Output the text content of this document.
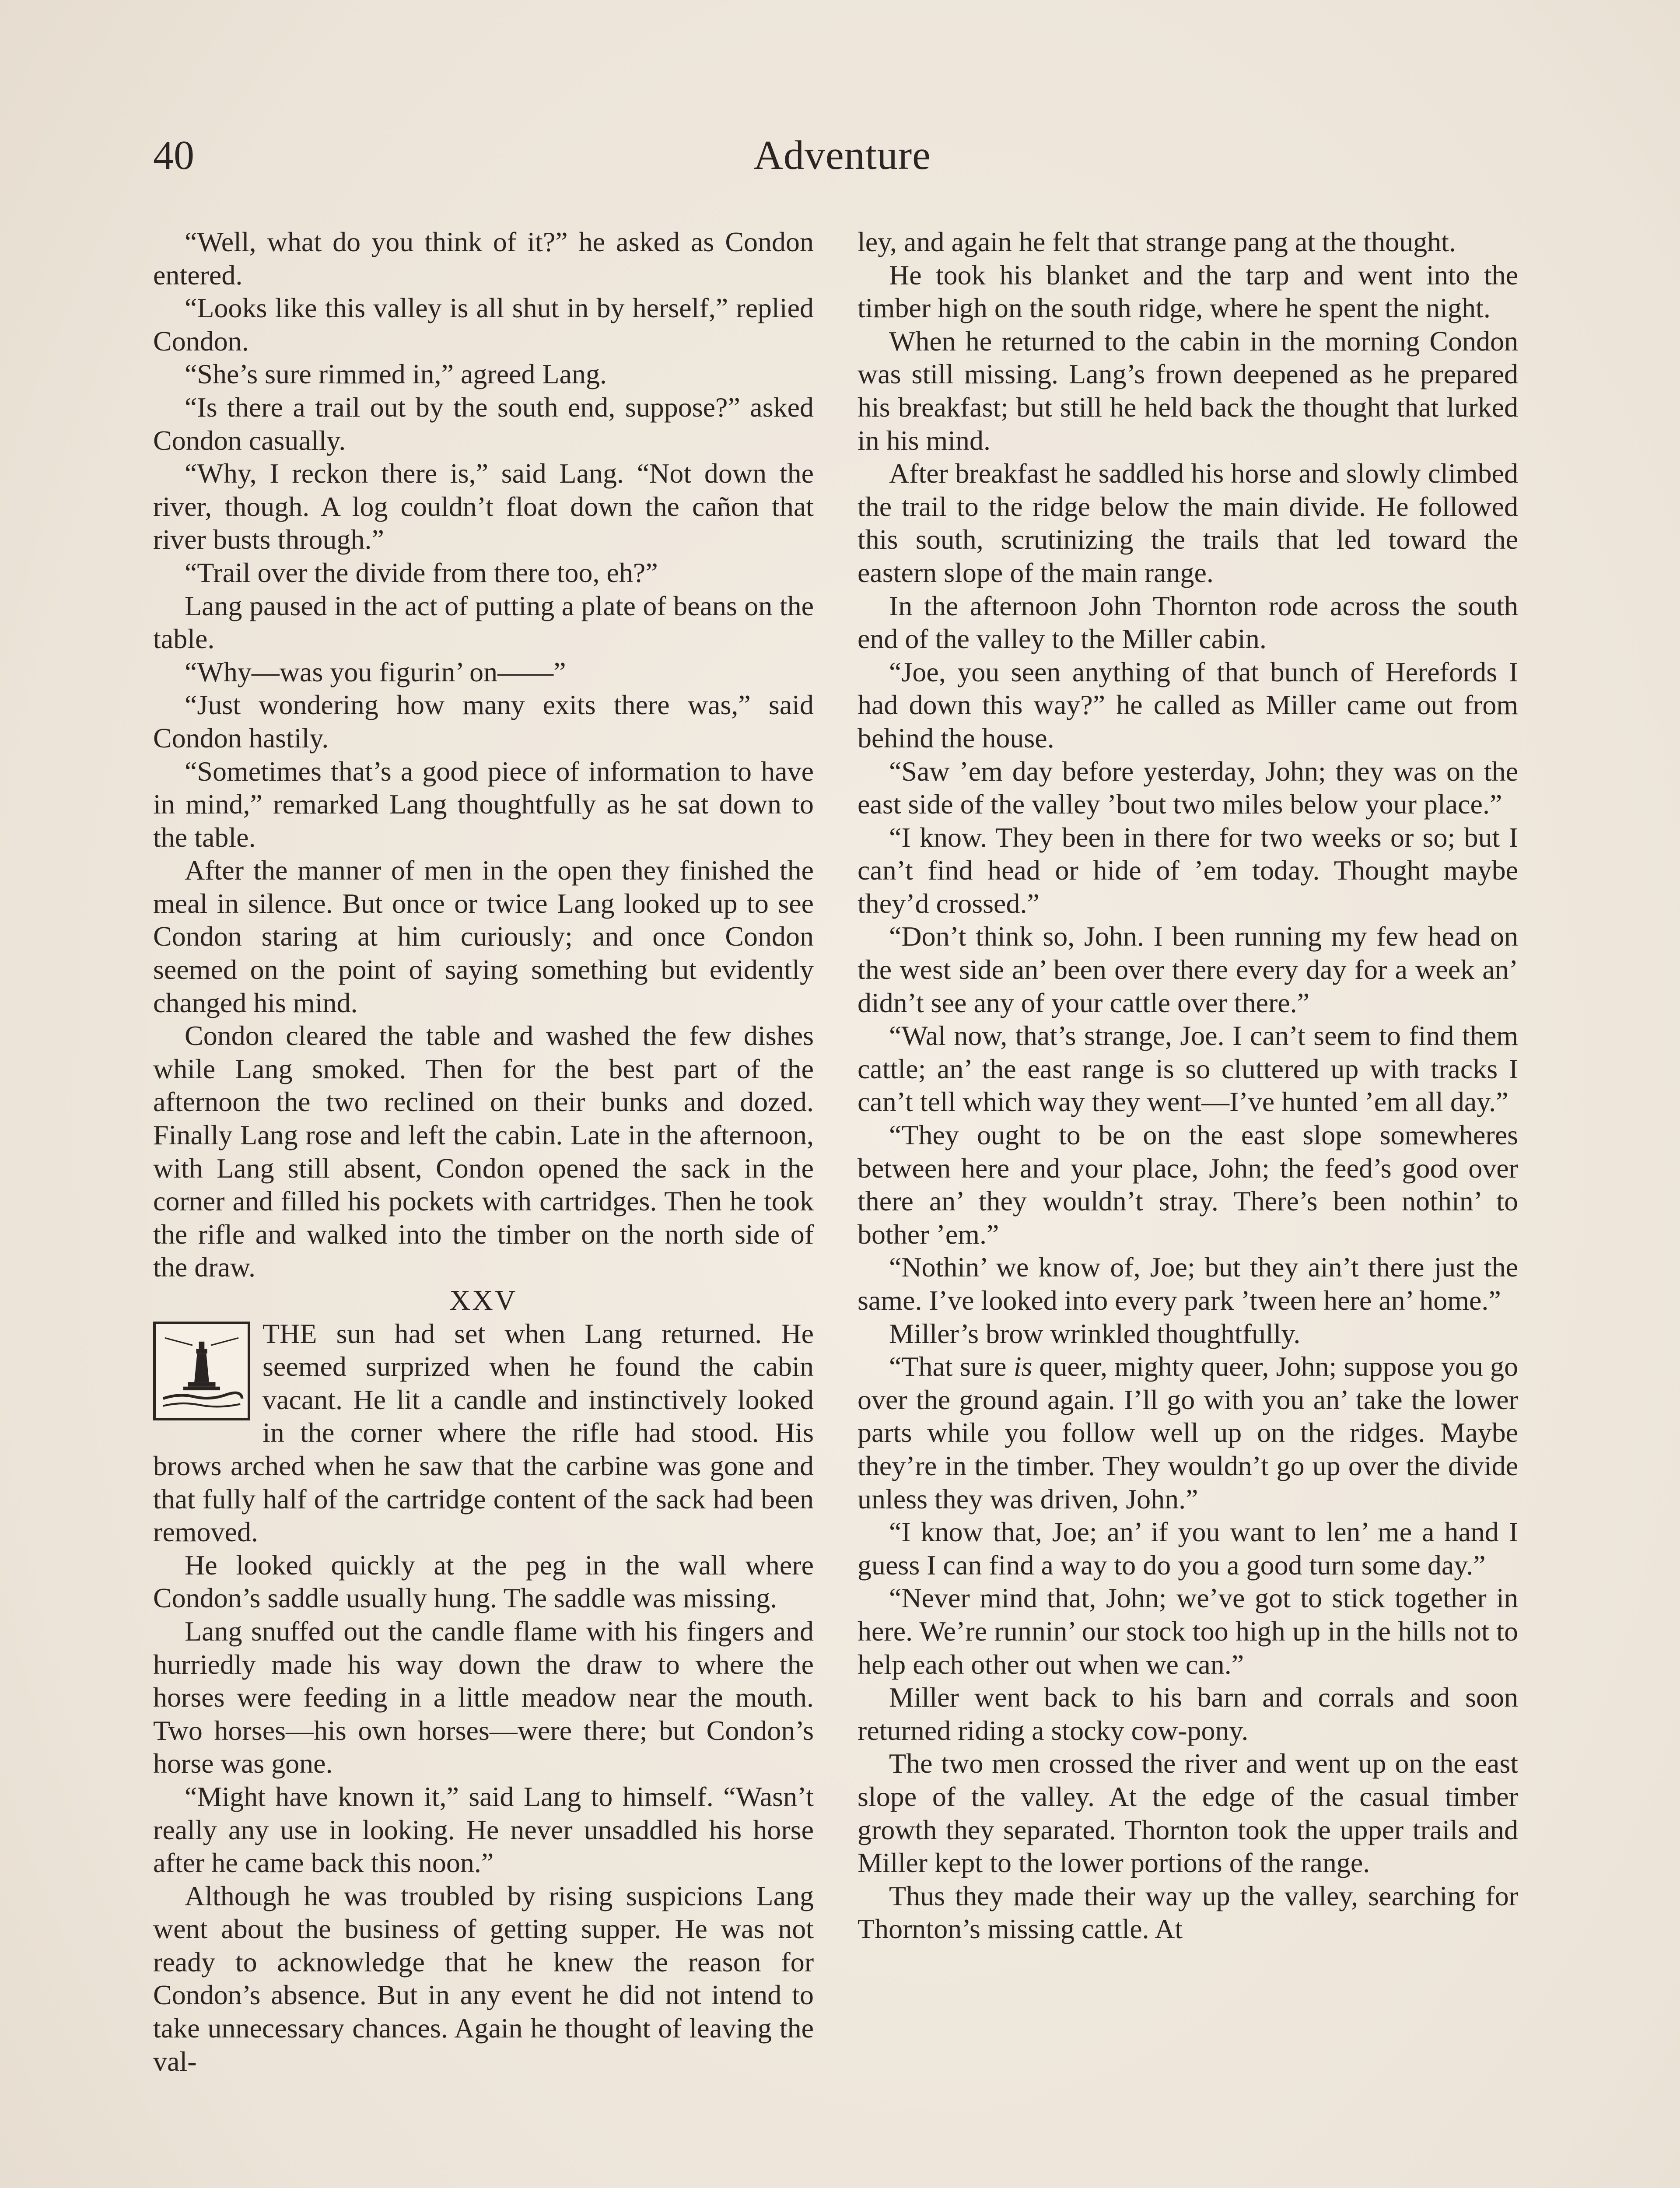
40	Adventure

“Well, what do you think of it?” he asked as Condon entered.

“Looks like this valley is all shut in by herself,” replied Condon.

“She’s sure rimmed in,” agreed Lang.

“Is there a trail out by the south end, suppose?” asked Condon casually.

“Why, I reckon there is,” said Lang. “Not down the river, though. A log couldn’t float down the cañon that river busts through.”

“Trail over the divide from there too, eh?”

Lang paused in the act of putting a plate of beans on the table.

“Why—was you figurin’ on——”

“Just wondering how many exits there was,” said Condon hastily.

“Sometimes that’s a good piece of information to have in mind,” remarked Lang thoughtfully as he sat down to the table.

After the manner of men in the open they finished the meal in silence. But once or twice Lang looked up to see Condon staring at him curiously; and once Condon seemed on the point of saying something but evidently changed his mind.

Condon cleared the table and washed the few dishes while Lang smoked. Then for the best part of the afternoon the two reclined on their bunks and dozed. Finally Lang rose and left the cabin. Late in the afternoon, with Lang still absent, Condon opened the sack in the corner and filled his pockets with cartridges. Then he took the rifle and walked into the timber on the north side of the draw.

XXV

THE sun had set when Lang returned. He seemed surprized when he found the cabin vacant. He lit a candle and instinctively looked in the corner where the rifle had stood. His brows arched when he saw that the carbine was gone and that fully half of the cartridge content of the sack had been removed.

He looked quickly at the peg in the wall where Condon’s saddle usually hung. The saddle was missing.

Lang snuffed out the candle flame with his fingers and hurriedly made his way down the draw to where the horses were feeding in a little meadow near the mouth. Two horses—his own horses—were there; but Condon’s horse was gone.

“Might have known it,” said Lang to himself. “Wasn’t really any use in looking. He never unsaddled his horse after he came back this noon.”

Although he was troubled by rising suspicions Lang went about the business of getting supper. He was not ready to acknowledge that he knew the reason for Condon’s absence. But in any event he did not intend to take unnecessary chances. Again he thought of leaving the val-

ley, and again he felt that strange pang at the thought.

He took his blanket and the tarp and went into the timber high on the south ridge, where he spent the night.

When he returned to the cabin in the morning Condon was still missing. Lang’s frown deepened as he prepared his breakfast; but still he held back the thought that lurked in his mind.

After breakfast he saddled his horse and slowly climbed the trail to the ridge below the main divide. He followed this south, scrutinizing the trails that led toward the eastern slope of the main range.

In the afternoon John Thornton rode across the south end of the valley to the Miller cabin.

“Joe, you seen anything of that bunch of Herefords I had down this way?” he called as Miller came out from behind the house.

“Saw ’em day before yesterday, John; they was on the east side of the valley ’bout two miles below your place.”

“I know. They been in there for two weeks or so; but I can’t find head or hide of ’em today. Thought maybe they’d crossed.”

“Don’t think so, John. I been running my few head on the west side an’ been over there every day for a week an’ didn’t see any of your cattle over there.”

“Wal now, that’s strange, Joe. I can’t seem to find them cattle; an’ the east range is so cluttered up with tracks I can’t tell which way they went—I’ve hunted ’em all day.”

“They ought to be on the east slope somewheres between here and your place, John; the feed’s good over there an’ they wouldn’t stray. There’s been nothin’ to bother ’em.”

“Nothin’ we know of, Joe; but they ain’t there just the same. I’ve looked into every park ’tween here an’ home.”

Miller’s brow wrinkled thoughtfully.

“That sure is queer, mighty queer, John; suppose you go over the ground again. I’ll go with you an’ take the lower parts while you follow well up on the ridges. Maybe they’re in the timber. They wouldn’t go up over the divide unless they was driven, John.”

“I know that, Joe; an’ if you want to len’ me a hand I guess I can find a way to do you a good turn some day.”

“Never mind that, John; we’ve got to stick together in here. We’re runnin’ our stock too high up in the hills not to help each other out when we can.”

Miller went back to his barn and corrals and soon returned riding a stocky cow-pony.

The two men crossed the river and went up on the east slope of the valley. At the edge of the casual timber growth they separated. Thornton took the upper trails and Miller kept to the lower portions of the range.

Thus they made their way up the valley, searching for Thornton’s missing cattle. At
